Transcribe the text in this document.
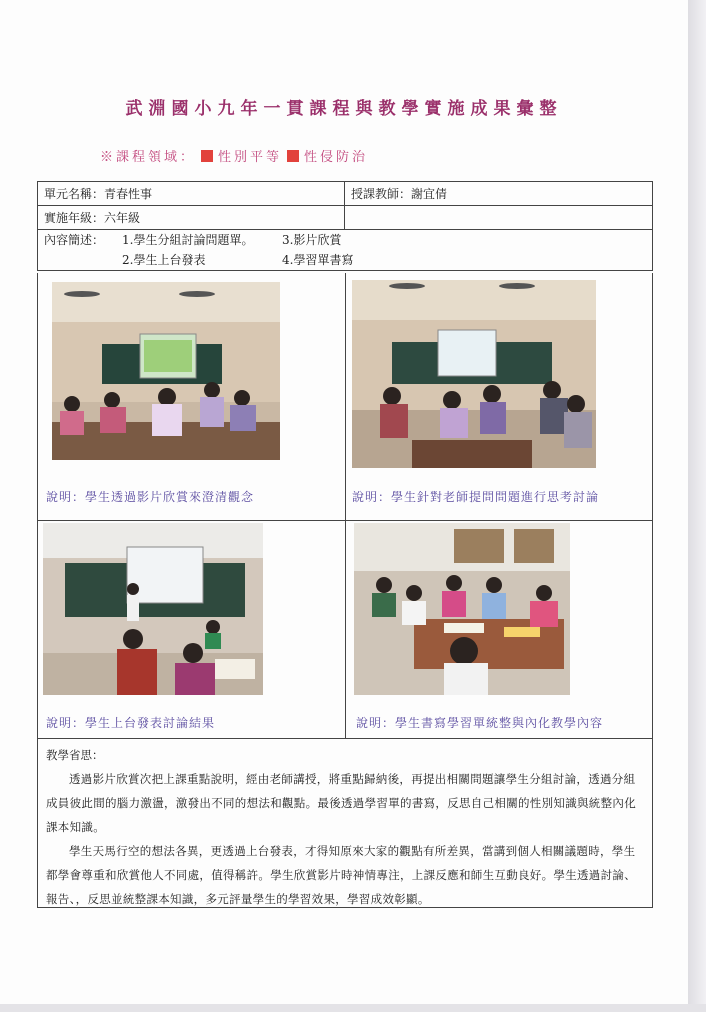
武淵國小九年一貫課程與教學實施成果彙整
※課程領域： 性別平等 性侵防治
單元名稱：青春性事	授課教師：謝宜倩
實施年級：六年級	

內容簡述： 1.學生分組討論問題單。 3.影片欣賞
2.學生上台發表 4.學習單書寫	
說明：學生透過影片欣賞來澄清觀念	說明：學生針對老師提問問題進行思考討論
說明：學生上台發表討論結果	說明：學生書寫學習單統整與內化教學內容
教學省思：

透過影片欣賞次把上課重點說明，經由老師講授，將重點歸納後，再提出相關問題讓學生分組討論，透過分組成員彼此間的腦力激盪，激發出不同的想法和觀點。最後透過學習單的書寫，反思自己相關的性別知識與統整內化課本知識。

學生天馬行空的想法各異，更透過上台發表，才得知原來大家的觀點有所差異，當講到個人相關議題時，學生都學會尊重和欣賞他人不同處，值得稱許。學生欣賞影片時神情專注，上課反應和師生互動良好。學生透過討論、報告、，反思並統整課本知識，多元評量學生的學習效果，學習成效彰顯。
